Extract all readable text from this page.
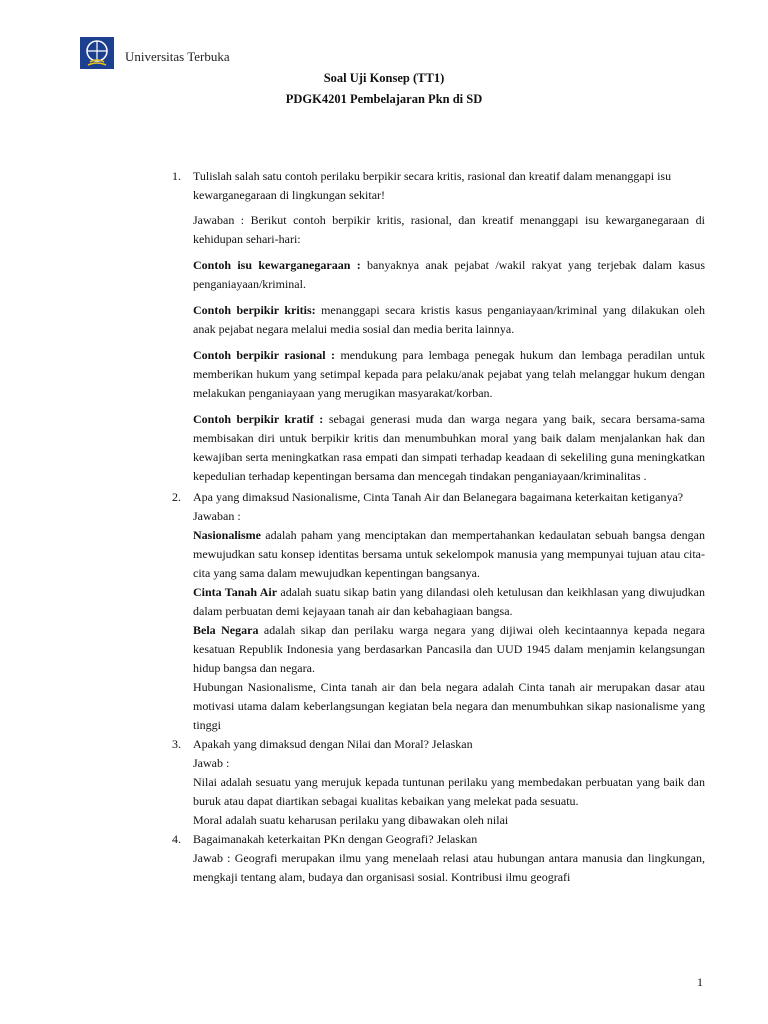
Universitas Terbuka
Soal Uji Konsep (TT1)
PDGK4201 Pembelajaran Pkn di SD
1. Tulislah salah satu contoh perilaku berpikir secara kritis, rasional dan kreatif dalam menanggapi isu kewarganegaraan di lingkungan sekitar!

Jawaban : Berikut contoh berpikir kritis, rasional, dan kreatif menanggapi isu kewarganegaraan di kehidupan sehari-hari:

Contoh isu kewarganegaraan : banyaknya anak pejabat /wakil rakyat yang terjebak dalam kasus penganiayaan/kriminal.

Contoh berpikir kritis: menanggapi secara kristis kasus penganiayaan/kriminal yang dilakukan oleh anak pejabat negara melalui media sosial dan media berita lainnya.

Contoh berpikir rasional : mendukung para lembaga penegak hukum dan lembaga peradilan untuk memberikan hukum yang setimpal kepada para pelaku/anak pejabat yang telah melanggar hukum dengan melakukan penganiayaan yang merugikan masyarakat/korban.

Contoh berpikir kratif : sebagai generasi muda dan warga negara yang baik, secara bersama-sama membisakan diri untuk berpikir kritis dan menumbuhkan moral yang baik dalam menjalankan hak dan kewajiban serta meningkatkan rasa empati dan simpati terhadap keadaan di sekeliling guna meningkatkan kepedulian terhadap kepentingan bersama dan mencegah tindakan penganiayaan/kriminalitas .

2. Apa yang dimaksud Nasionalisme, Cinta Tanah Air dan Belanegara bagaimana keterkaitan ketiganya?

Jawaban :

Nasionalisme adalah paham yang menciptakan dan mempertahankan kedaulatan sebuah bangsa dengan mewujudkan satu konsep identitas bersama untuk sekelompok manusia yang mempunyai tujuan atau cita-cita yang sama dalam mewujudkan kepentingan bangsanya.

Cinta Tanah Air adalah suatu sikap batin yang dilandasi oleh ketulusan dan keikhlasan yang diwujudkan dalam perbuatan demi kejayaan tanah air dan kebahagiaan bangsa.

Bela Negara adalah sikap dan perilaku warga negara yang dijiwai oleh kecintaannya kepada negara kesatuan Republik Indonesia yang berdasarkan Pancasila dan UUD 1945 dalam menjamin kelangsungan hidup bangsa dan negara.

Hubungan Nasionalisme, Cinta tanah air dan bela negara adalah Cinta tanah air merupakan dasar atau motivasi utama dalam keberlangsungan kegiatan bela negara dan menumbuhkan sikap nasionalisme yang tinggi

3. Apakah yang dimaksud dengan Nilai dan Moral? Jelaskan

Jawab :

Nilai adalah sesuatu yang merujuk kepada tuntunan perilaku yang membedakan perbuatan yang baik dan buruk atau dapat diartikan sebagai kualitas kebaikan yang melekat pada sesuatu.

Moral adalah suatu keharusan perilaku yang dibawakan oleh nilai

4. Bagaimanakah keterkaitan PKn dengan Geografi? Jelaskan

Jawab : Geografi merupakan ilmu yang menelaah relasi atau hubungan antara manusia dan lingkungan, mengkaji tentang alam, budaya dan organisasi sosial. Kontribusi ilmu geografi

1
